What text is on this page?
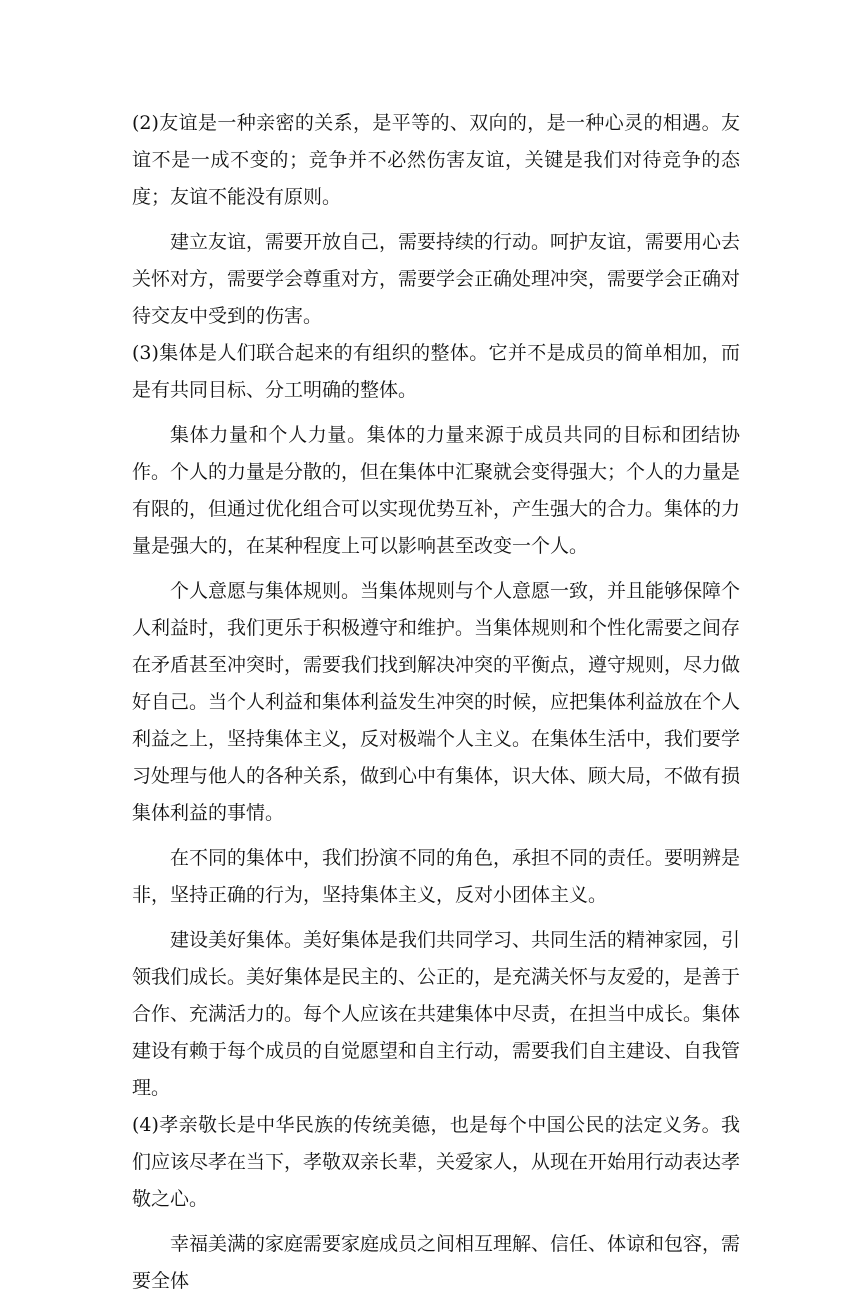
(2)友谊是一种亲密的关系，是平等的、双向的，是一种心灵的相遇。友谊不是一成不变的；竞争并不必然伤害友谊，关键是我们对待竞争的态度；友谊不能没有原则。

建立友谊，需要开放自己，需要持续的行动。呵护友谊，需要用心去关怀对方，需要学会尊重对方，需要学会正确处理冲突，需要学会正确对待交友中受到的伤害。

(3)集体是人们联合起来的有组织的整体。它并不是成员的简单相加，而是有共同目标、分工明确的整体。

集体力量和个人力量。集体的力量来源于成员共同的目标和团结协作。个人的力量是分散的，但在集体中汇聚就会变得强大；个人的力量是有限的，但通过优化组合可以实现优势互补，产生强大的合力。集体的力量是强大的，在某种程度上可以影响甚至改变一个人。

个人意愿与集体规则。当集体规则与个人意愿一致，并且能够保障个人利益时，我们更乐于积极遵守和维护。当集体规则和个性化需要之间存在矛盾甚至冲突时，需要我们找到解决冲突的平衡点，遵守规则，尽力做好自己。当个人利益和集体利益发生冲突的时候，应把集体利益放在个人利益之上，坚持集体主义，反对极端个人主义。在集体生活中，我们要学习处理与他人的各种关系，做到心中有集体，识大体、顾大局，不做有损集体利益的事情。

在不同的集体中，我们扮演不同的角色，承担不同的责任。要明辨是非，坚持正确的行为，坚持集体主义，反对小团体主义。

建设美好集体。美好集体是我们共同学习、共同生活的精神家园，引领我们成长。美好集体是民主的、公正的，是充满关怀与友爱的，是善于合作、充满活力的。每个人应该在共建集体中尽责，在担当中成长。集体建设有赖于每个成员的自觉愿望和自主行动，需要我们自主建设、自我管理。

(4)孝亲敬长是中华民族的传统美德，也是每个中国公民的法定义务。我们应该尽孝在当下，孝敬双亲长辈，关爱家人，从现在开始用行动表达孝敬之心。

幸福美满的家庭需要家庭成员之间相互理解、信任、体谅和包容，需要全体
